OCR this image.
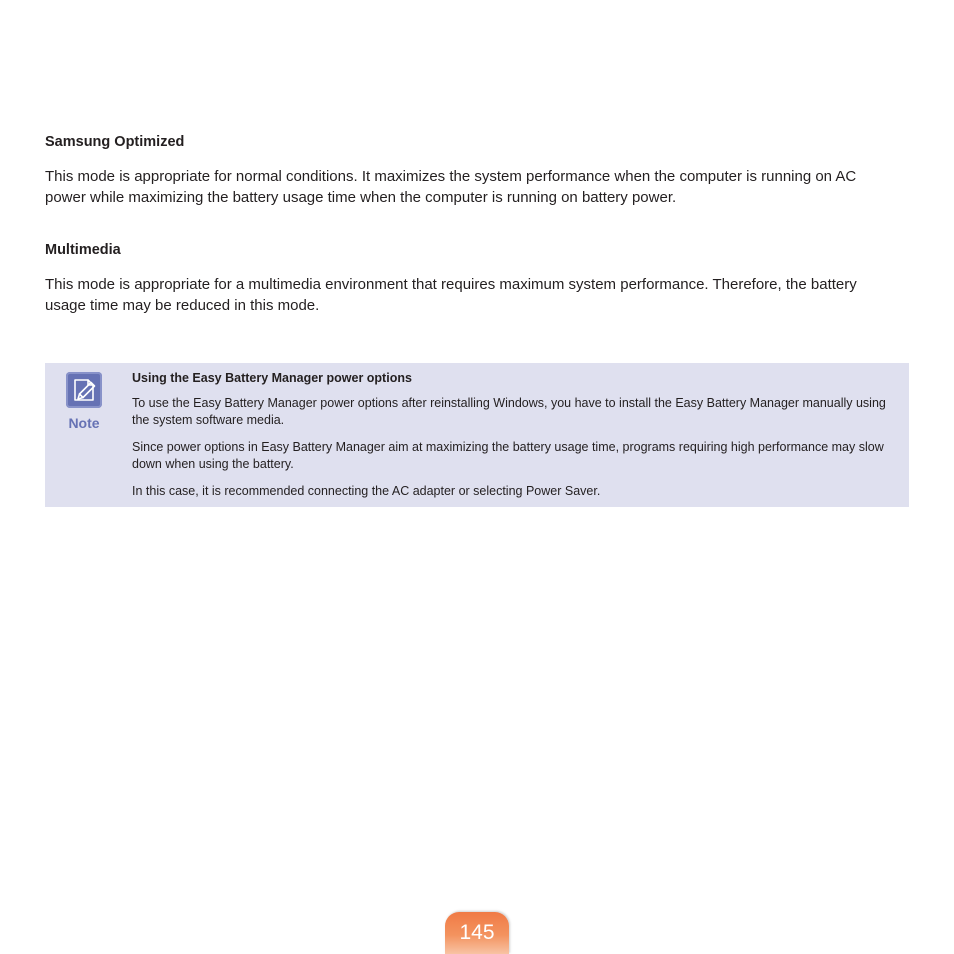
Samsung Optimized

This mode is appropriate for normal conditions. It maximizes the system performance when the computer is running on AC power while maximizing the battery usage time when the computer is running on battery power.

Multimedia

This mode is appropriate for a multimedia environment that requires maximum system performance. Therefore, the battery usage time may be reduced in this mode.

Note

Using the Easy Battery Manager power options

To use the Easy Battery Manager power options after reinstalling Windows, you have to install the Easy Battery Manager manually using the system software media.

Since power options in Easy Battery Manager aim at maximizing the battery usage time, programs requiring high performance may slow down when using the battery.

In this case, it is recommended connecting the AC adapter or selecting Power Saver.

145
